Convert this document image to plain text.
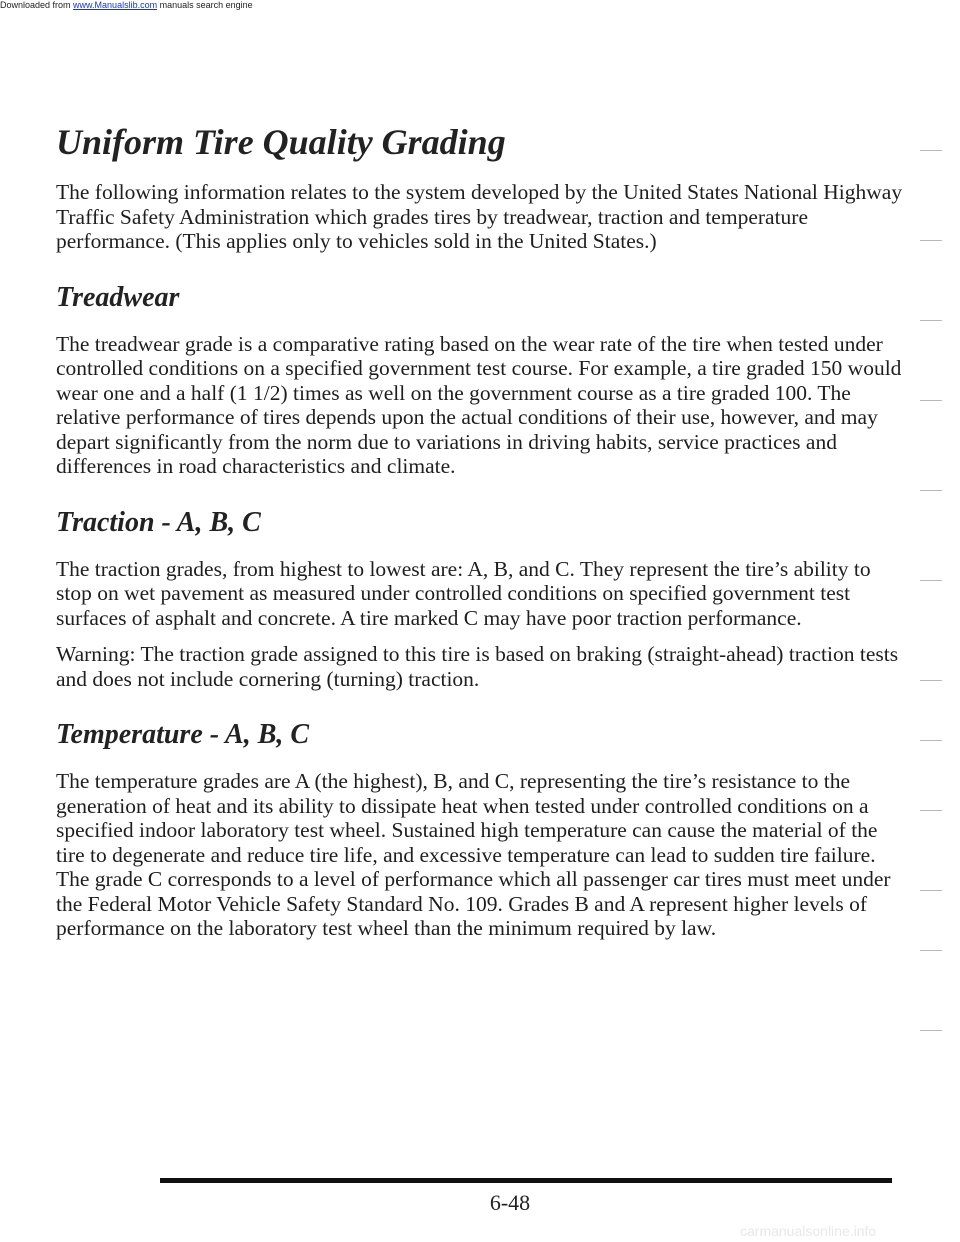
Downloaded from www.Manualslib.com manuals search engine
Uniform Tire Quality Grading

The following information relates to the system developed by the United States National Highway Traffic Safety Administration which grades tires by treadwear, traction and temperature performance. (This applies only to vehicles sold in the United States.)

Treadwear

The treadwear grade is a comparative rating based on the wear rate of the tire when tested under controlled conditions on a specified government test course. For example, a tire graded 150 would wear one and a half (1 1/2) times as well on the government course as a tire graded 100. The relative performance of tires depends upon the actual conditions of their use, however, and may depart significantly from the norm due to variations in driving habits, service practices and differences in road characteristics and climate.

Traction - A, B, C

The traction grades, from highest to lowest are: A, B, and C. They represent the tire’s ability to stop on wet pavement as measured under controlled conditions on specified government test surfaces of asphalt and concrete. A tire marked C may have poor traction performance.

Warning: The traction grade assigned to this tire is based on braking (straight-ahead) traction tests and does not include cornering (turning) traction.

Temperature - A, B, C

The temperature grades are A (the highest), B, and C, representing the tire’s resistance to the generation of heat and its ability to dissipate heat when tested under controlled conditions on a specified indoor laboratory test wheel. Sustained high temperature can cause the material of the tire to degenerate and reduce tire life, and excessive temperature can lead to sudden tire failure. The grade C corresponds to a level of performance which all passenger car tires must meet under the Federal Motor Vehicle Safety Standard No. 109. Grades B and A represent higher levels of performance on the laboratory test wheel than the minimum required by law.

6-48
carmanualsonline.info
